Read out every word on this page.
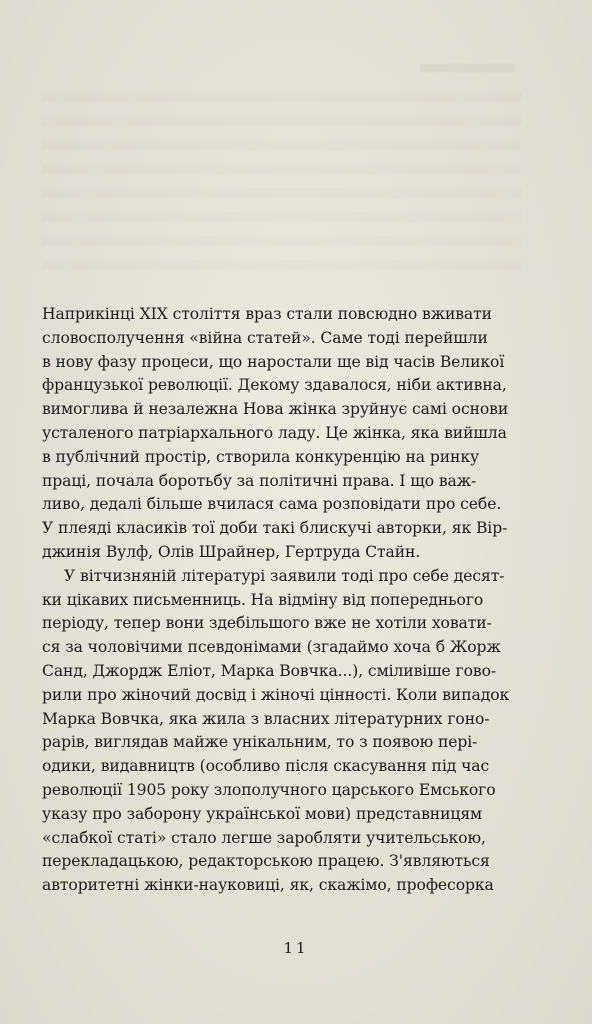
Наприкінці XIX століття враз стали повсюдно вживати
словосполучення «війна статей». Саме тоді перейшли
в нову фазу процеси, що наростали ще від часів Великої
французької революції. Декому здавалося, ніби активна,
вимоглива й незалежна Нова жінка зруйнує самі основи
усталеного патріархального ладу. Це жінка, яка вийшла
в публічний простір, створила конкуренцію на ринку
праці, почала боротьбу за політичні права. І що важ-
ливо, дедалі більше вчилася сама розповідати про себе.
У плеяді класиків тої доби такі блискучі авторки, як Вір-
джинія Вулф, Олів Шрайнер, Гертруда Стайн.
У вітчизняній літературі заявили тоді про себе десят-
ки цікавих письменниць. На відміну від попереднього
періоду, тепер вони здебільшого вже не хотіли ховати-
ся за чоловічими псевдонімами (згадаймо хоча б Жорж
Санд, Джордж Еліот, Марка Вовчка...), сміливіше гово-
рили про жіночий досвід і жіночі цінності. Коли випадок
Марка Вовчка, яка жила з власних літературних гоно-
рарів, виглядав майже унікальним, то з появою пері-
одики, видавництв (особливо після скасування під час
революції 1905 року злополучного царського Емського
указу про заборону української мови) представницям
«слабкої статі» стало легше заробляти учительською,
перекладацькою, редакторською працею. З'являються
авторитетні жінки-науковиці, як, скажімо, професорка
11
